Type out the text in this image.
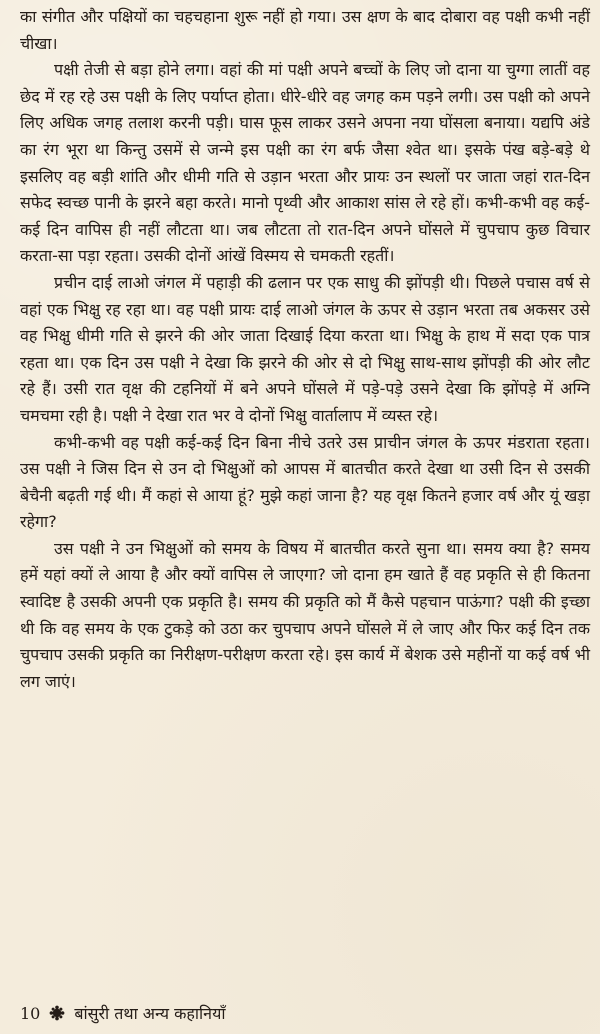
का संगीत और पक्षियों का चहचहाना शुरू नहीं हो गया। उस क्षण के बाद दोबारा वह पक्षी कभी नहीं चीखा।

पक्षी तेजी से बड़ा होने लगा। वहां की मां पक्षी अपने बच्चों के लिए जो दाना या चुग्गा लातीं वह छेद में रह रहे उस पक्षी के लिए पर्याप्त होता। धीरे-धीरे वह जगह कम पड़ने लगी। उस पक्षी को अपने लिए अधिक जगह तलाश करनी पड़ी। घास फूस लाकर उसने अपना नया घोंसला बनाया। यद्यपि अंडे का रंग भूरा था किन्तु उसमें से जन्मे इस पक्षी का रंग बर्फ जैसा श्वेत था। इसके पंख बड़े-बड़े थे इसलिए वह बड़ी शांति और धीमी गति से उड़ान भरता और प्रायः उन स्थलों पर जाता जहां रात-दिन सफेद स्वच्छ पानी के झरने बहा करते। मानो पृथ्वी और आकाश सांस ले रहे हों। कभी-कभी वह कई-कई दिन वापिस ही नहीं लौटता था। जब लौटता तो रात-दिन अपने घोंसले में चुपचाप कुछ विचार करता-सा पड़ा रहता। उसकी दोनों आंखें विस्मय से चमकती रहतीं।

प्रचीन दाई लाओ जंगल में पहाड़ी की ढलान पर एक साधु की झोंपड़ी थी। पिछले पचास वर्ष से वहां एक भिक्षु रह रहा था। वह पक्षी प्रायः दाई लाओ जंगल के ऊपर से उड़ान भरता तब अकसर उसे वह भिक्षु धीमी गति से झरने की ओर जाता दिखाई दिया करता था। भिक्षु के हाथ में सदा एक पात्र रहता था। एक दिन उस पक्षी ने देखा कि झरने की ओर से दो भिक्षु साथ-साथ झोंपड़ी की ओर लौट रहे हैं। उसी रात वृक्ष की टहनियों में बने अपने घोंसले में पड़े-पड़े उसने देखा कि झोंपड़े में अग्नि चमचमा रही है। पक्षी ने देखा रात भर वे दोनों भिक्षु वार्तालाप में व्यस्त रहे।

कभी-कभी वह पक्षी कई-कई दिन बिना नीचे उतरे उस प्राचीन जंगल के ऊपर मंडराता रहता। उस पक्षी ने जिस दिन से उन दो भिक्षुओं को आपस में बातचीत करते देखा था उसी दिन से उसकी बेचैनी बढ़ती गई थी। मैं कहां से आया हूं? मुझे कहां जाना है? यह वृक्ष कितने हजार वर्ष और यूं खड़ा रहेगा?

उस पक्षी ने उन भिक्षुओं को समय के विषय में बातचीत करते सुना था। समय क्या है? समय हमें यहां क्यों ले आया है और क्यों वापिस ले जाएगा? जो दाना हम खाते हैं वह प्रकृति से ही कितना स्वादिष्ट है उसकी अपनी एक प्रकृति है। समय की प्रकृति को मैं कैसे पहचान पाऊंगा? पक्षी की इच्छा थी कि वह समय के एक टुकड़े को उठा कर चुपचाप अपने घोंसले में ले जाए और फिर कई दिन तक चुपचाप उसकी प्रकृति का निरीक्षण-परीक्षण करता रहे। इस कार्य में बेशक उसे महीनों या कई वर्ष भी लग जाएं।

10 बांसुरी तथा अन्य कहानियाँ
